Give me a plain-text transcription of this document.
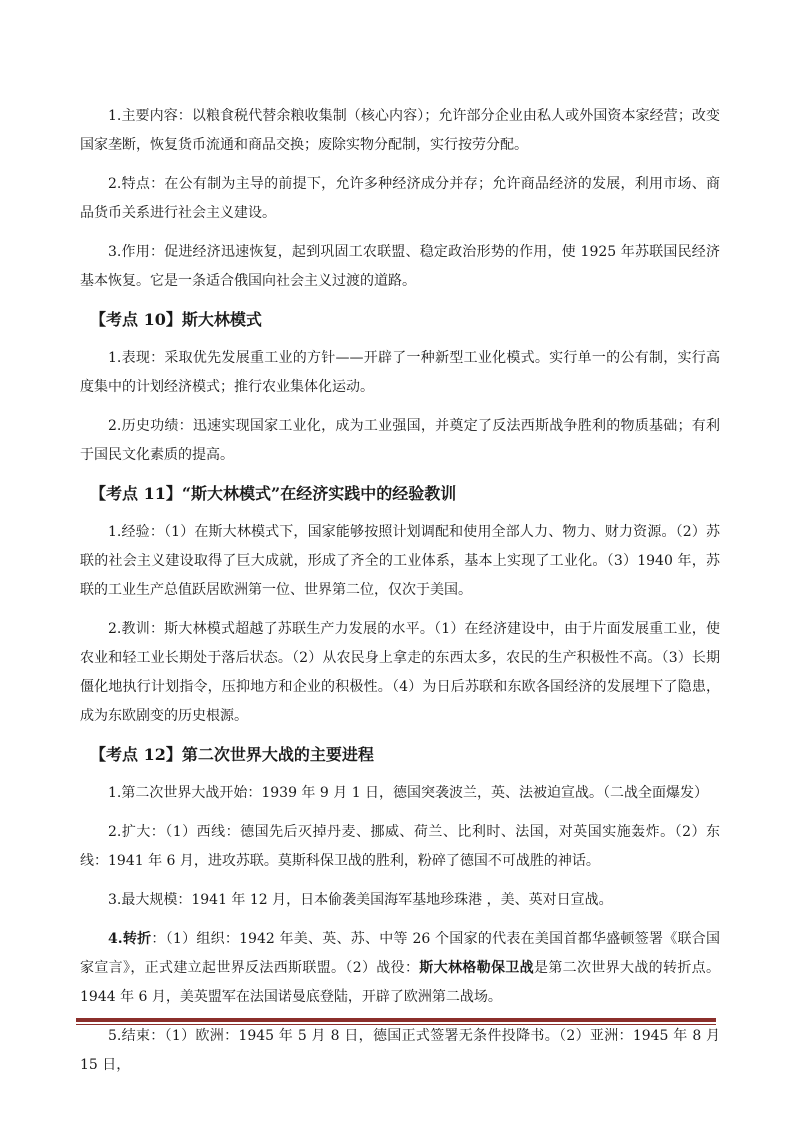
1.主要内容：以粮食税代替余粮收集制（核心内容）；允许部分企业由私人或外国资本家经营；改变国家垄断，恢复货币流通和商品交换；废除实物分配制，实行按劳分配。

2.特点：在公有制为主导的前提下，允许多种经济成分并存；允许商品经济的发展，利用市场、商品货币关系进行社会主义建设。

3.作用：促进经济迅速恢复，起到巩固工农联盟、稳定政治形势的作用，使 1925 年苏联国民经济基本恢复。它是一条适合俄国向社会主义过渡的道路。

【考点 10】斯大林模式

1.表现：采取优先发展重工业的方针——开辟了一种新型工业化模式。实行单一的公有制，实行高度集中的计划经济模式；推行农业集体化运动。

2.历史功绩：迅速实现国家工业化，成为工业强国，并奠定了反法西斯战争胜利的物质基础；有利于国民文化素质的提高。

【考点 11】“斯大林模式”在经济实践中的经验教训

1.经验：（1）在斯大林模式下，国家能够按照计划调配和使用全部人力、物力、财力资源。（2）苏联的社会主义建设取得了巨大成就，形成了齐全的工业体系，基本上实现了工业化。（3）1940 年，苏联的工业生产总值跃居欧洲第一位、世界第二位，仅次于美国。

2.教训：斯大林模式超越了苏联生产力发展的水平。（1）在经济建设中，由于片面发展重工业，使农业和轻工业长期处于落后状态。（2）从农民身上拿走的东西太多，农民的生产积极性不高。（3）长期僵化地执行计划指令，压抑地方和企业的积极性。（4）为日后苏联和东欧各国经济的发展埋下了隐患，成为东欧剧变的历史根源。

【考点 12】第二次世界大战的主要进程

1.第二次世界大战开始：1939 年 9 月 1 日，德国突袭波兰，英、法被迫宣战。（二战全面爆发）

2.扩大：（1）西线：德国先后灭掉丹麦、挪威、荷兰、比利时、法国，对英国实施轰炸。（2）东线：1941 年 6 月，进攻苏联。莫斯科保卫战的胜利，粉碎了德国不可战胜的神话。

3.最大规模：1941 年 12 月，日本偷袭美国海军基地珍珠港 ，美、英对日宣战。

4.转折：（1）组织：1942 年美、英、苏、中等 26 个国家的代表在美国首都华盛顿签署《联合国家宣言》，正式建立起世界反法西斯联盟。（2）战役：斯大林格勒保卫战是第二次世界大战的转折点。1944 年 6 月，美英盟军在法国诺曼底登陆，开辟了欧洲第二战场。

5.结束：（1）欧洲：1945 年 5 月 8 日，德国正式签署无条件投降书。（2）亚洲：1945 年 8 月 15 日，
